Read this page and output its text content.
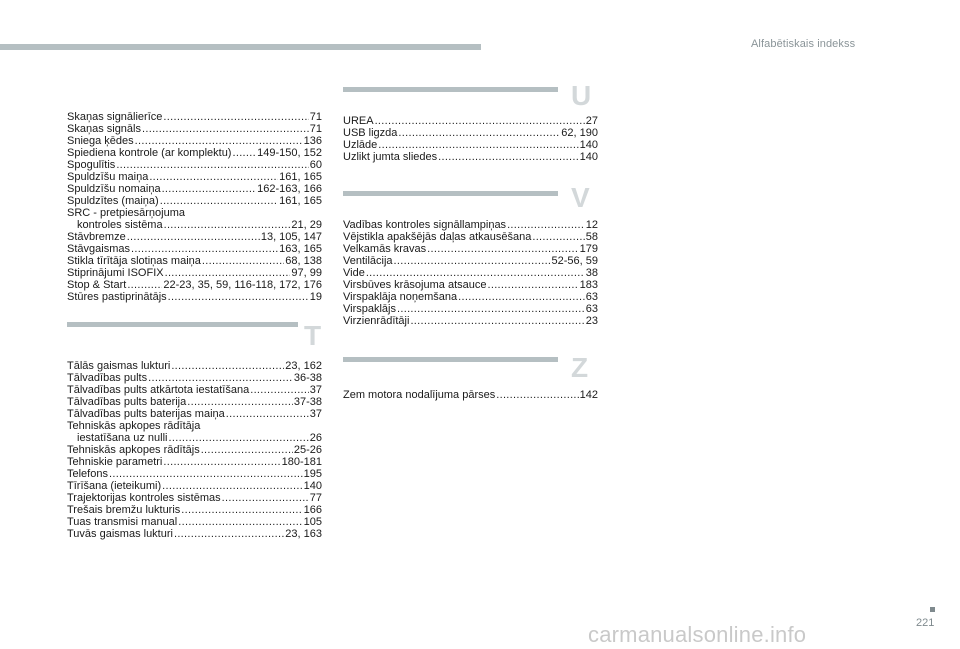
Alfabētiskais indekss
Skaņas signālierīce .....	71
Skaņas signāls .....	71
Sniega ķēdes .....	136
Spiediena kontrole (ar komplektu) ..... 149-150, 152
Spogulītis .....	60
Spuldzīšu maiņa .....	161, 165
Spuldzīšu nomaiņa .....	162-163, 166
Spuldzītes (maiņa) .....	161, 165
SRC - pretpiesārņojuma
kontroles sistēma .....	21, 29
Stāvbremze .....	13, 105, 147
Stāvgaismas .....	163, 165
Stikla tīrītāja slotiņas maiņa .....	68, 138
Stiprinājumi ISOFIX .....	97, 99
Stop & Start .....	22-23, 35, 59, 116-118, 172, 176
Stūres pastiprinātājs .....	19
T
Tālās gaismas lukturi .....	23, 162
Tālvadības pults .....	36-38
Tālvadības pults atkārtota iestatīšana .....	37
Tālvadības pults baterija .....	37-38
Tālvadības pults baterijas maiņa .....	37
Tehniskās apkopes rādītāja
iestatīšana uz nulli .....	26
Tehniskās apkopes rādītājs .....	25-26
Tehniskie parametri .....	180-181
Telefons .....	195
Tīrīšana (ieteikumi) .....	140
Trajektorijas kontroles sistēmas .....	77
Trešais bremžu lukturis .....	166
Tuas transmisi manual .....	105
Tuvās gaismas lukturi .....	23, 163
U
UREA .....	27
USB ligzda .....	62, 190
Uzlāde .....	140
Uzlikt jumta sliedes .....	140
V
Vadības kontroles signāllampiņas .....	12
Vējstikla apakšējās daļas atkausēšana .....	58
Velkamās kravas .....	179
Ventilācija .....	52-56, 59
Vide .....	38
Virsbūves krāsojuma atsauce .....	183
Virspaklāja noņemšana .....	63
Virspaklājs .....	63
Virzienrādītāji .....	23
Z
Zem motora nodalījuma pārses .....	142
221
carmanualsonline.info
